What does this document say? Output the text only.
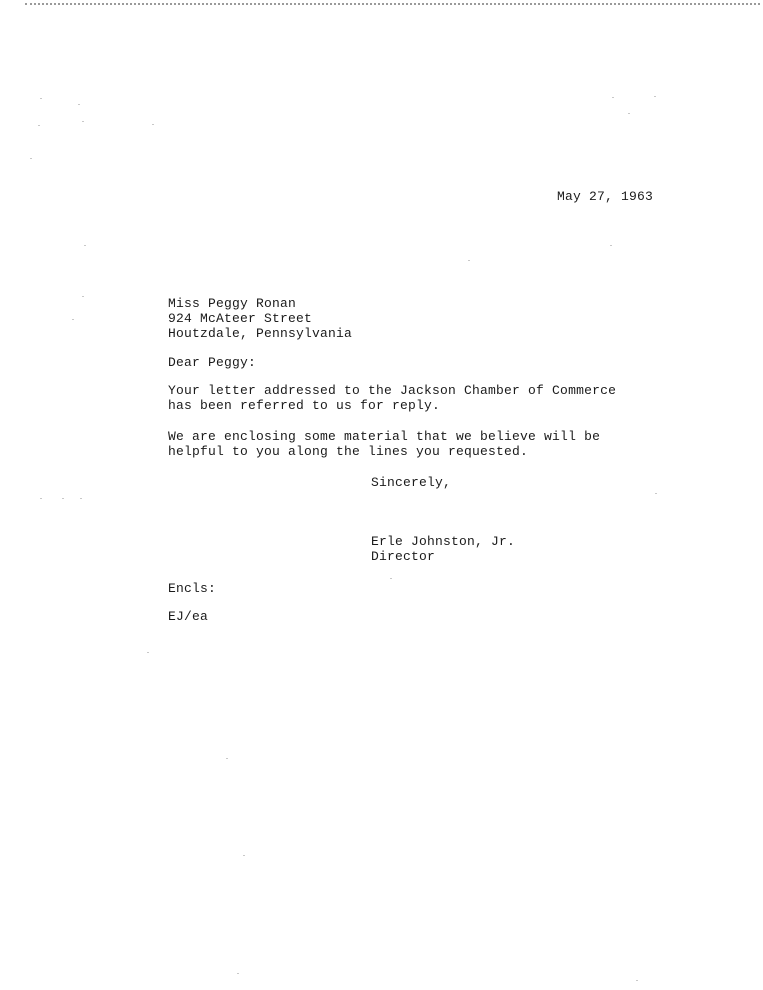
May 27, 1963
Miss Peggy Ronan
924 McAteer Street
Houtzdale, Pennsylvania
Dear Peggy:
Your letter addressed to the Jackson Chamber of Commerce
has been referred to us for reply.
We are enclosing some material that we believe will be
helpful to you along the lines you requested.
Sincerely,
Erle Johnston, Jr.
Director
Encls:
EJ/ea
